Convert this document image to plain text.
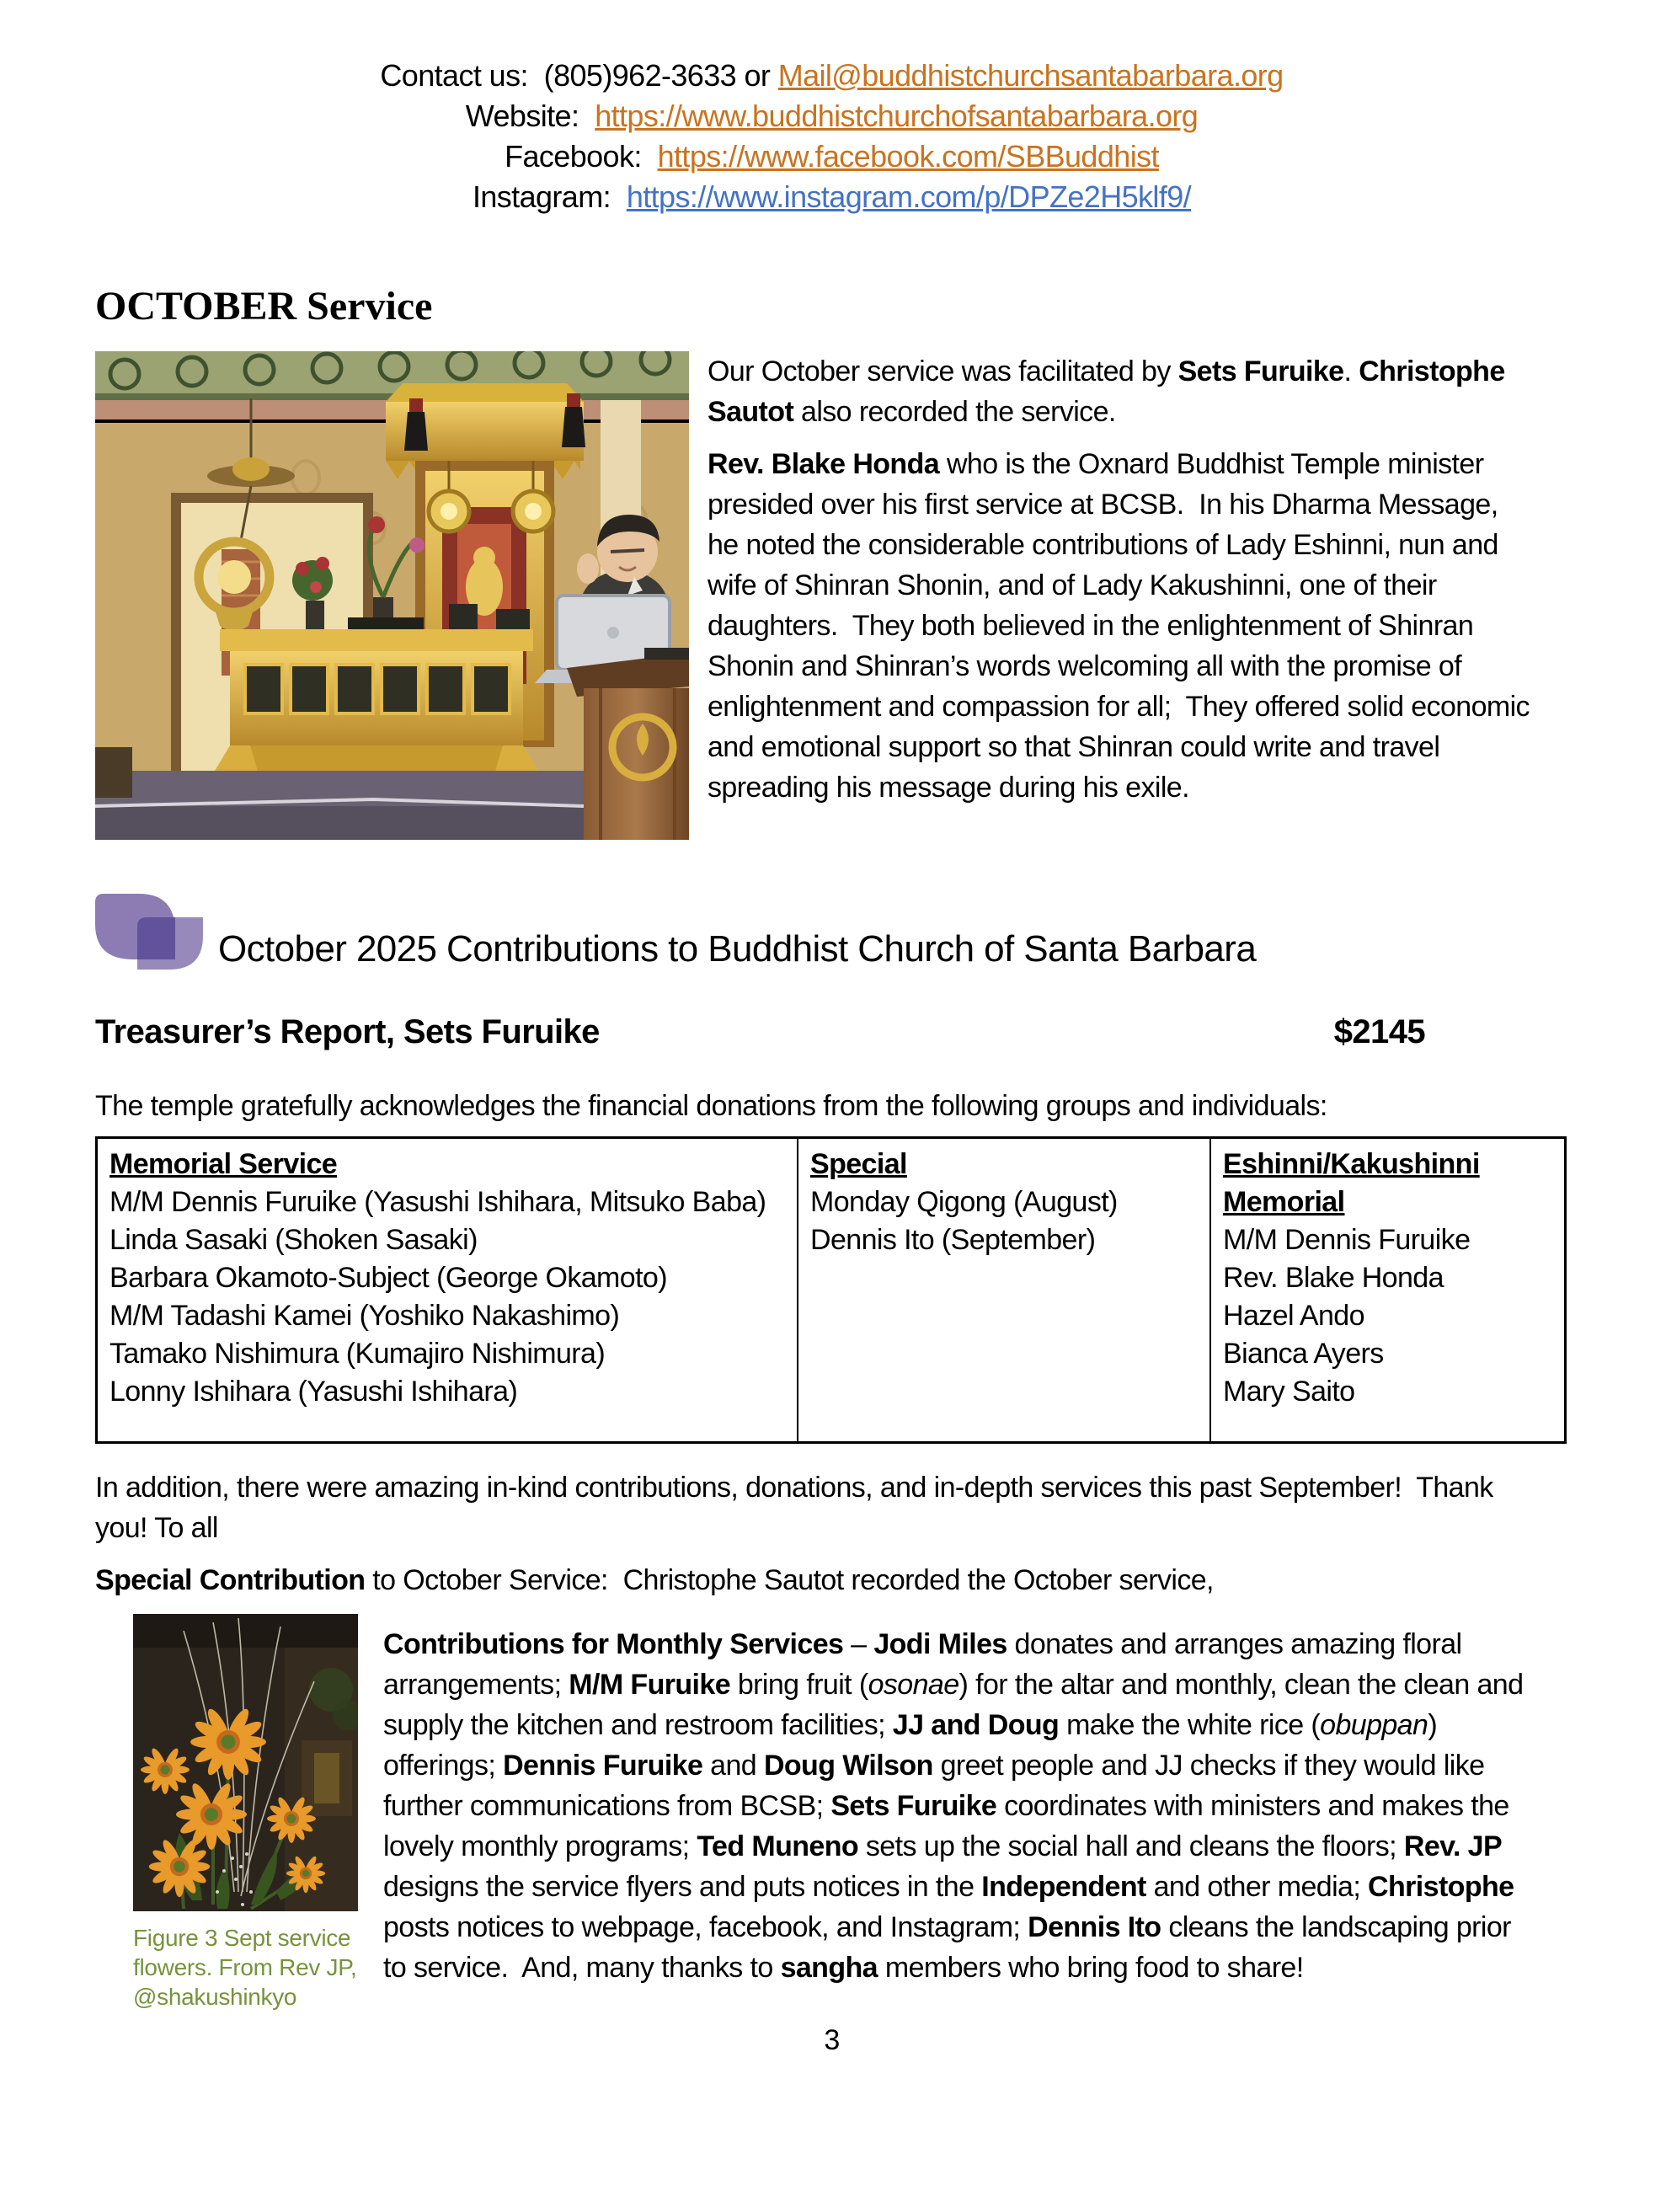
Contact us:  (805)962-3633 or Mail@buddhistchurchsantabarbara.org
Website:  https://www.buddhistchurchofsantabarbara.org
Facebook:  https://www.facebook.com/SBBuddhist
Instagram:  https://www.instagram.com/p/DPZe2H5klf9/
OCTOBER Service

Our October service was facilitated by Sets Furuike. Christophe Sautot also recorded the service.

Rev. Blake Honda who is the Oxnard Buddhist Temple minister presided over his first service at BCSB.  In his Dharma Message, he noted the considerable contributions of Lady Eshinni, nun and wife of Shinran Shonin, and of Lady Kakushinni, one of their daughters.  They both believed in the enlightenment of Shinran Shonin and Shinran’s words welcoming all with the promise of enlightenment and compassion for all;  They offered solid economic and emotional support so that Shinran could write and travel spreading his message during his exile.

October 2025 Contributions to Buddhist Church of Santa Barbara
Treasurer’s Report, Sets Furuike	$2145
The temple gratefully acknowledges the financial donations from the following groups and individuals:
Memorial Service
M/M Dennis Furuike (Yasushi Ishihara, Mitsuko Baba)
Linda Sasaki (Shoken Sasaki)
Barbara Okamoto-Subject (George Okamoto)
M/M Tadashi Kamei (Yoshiko Nakashimo)
Tamako Nishimura (Kumajiro Nishimura)
Lonny Ishihara (Yasushi Ishihara)
Special
Monday Qigong (August)
Dennis Ito (September)
Eshinni/Kakushinni Memorial
M/M Dennis Furuike
Rev. Blake Honda
Hazel Ando
Bianca Ayers
Mary Saito
In addition, there were amazing in-kind contributions, donations, and in-depth services this past September!  Thank you! To all
Special Contribution to October Service:  Christophe Sautot recorded the October service,
Figure 3 Sept service flowers. From Rev JP, @shakushinkyo
Contributions for Monthly Services – Jodi Miles donates and arranges amazing floral arrangements; M/M Furuike bring fruit (osonae) for the altar and monthly, clean the clean and supply the kitchen and restroom facilities; JJ and Doug make the white rice (obuppan) offerings; Dennis Furuike and Doug Wilson greet people and JJ checks if they would like further communications from BCSB; Sets Furuike coordinates with ministers and makes the lovely monthly programs; Ted Muneno sets up the social hall and cleans the floors; Rev. JP designs the service flyers and puts notices in the Independent and other media; Christophe posts notices to webpage, facebook, and Instagram; Dennis Ito cleans the landscaping prior to service.  And, many thanks to sangha members who bring food to share!
3
